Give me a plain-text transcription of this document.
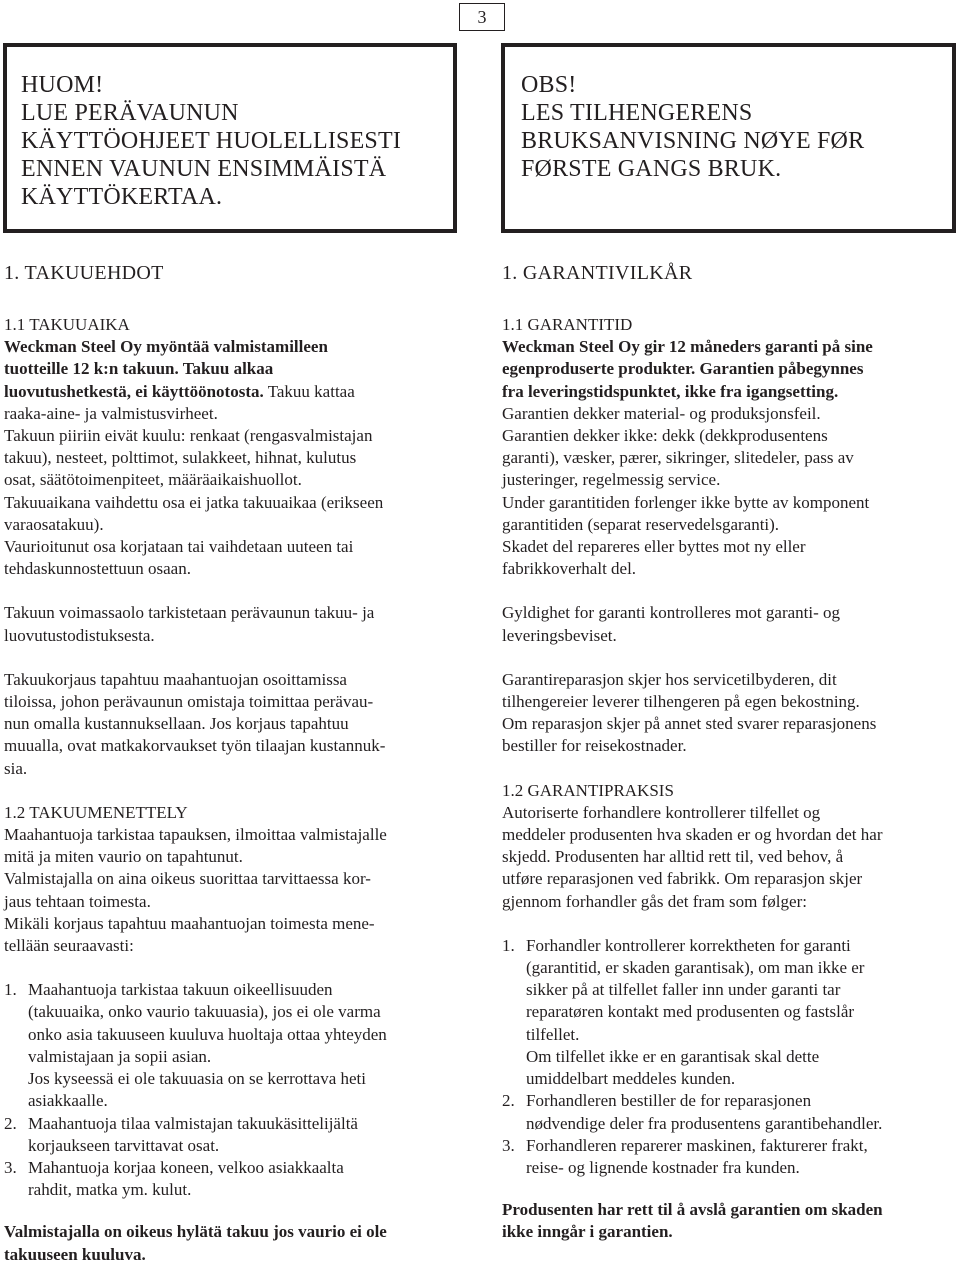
3
HUOM!
LUE PERÄVAUNUN
KÄYTTÖOHJEET HUOLELLISESTI
ENNEN VAUNUN ENSIMMÄISTÄ
KÄYTTÖKERTAA.
OBS!
LES TILHENGERENS
BRUKSANVISNING NØYE FØR
FØRSTE GANGS BRUK.
1. TAKUUEHDOT
1.1 TAKUUAIKA
Weckman Steel Oy myöntää valmistamilleen
tuotteille 12 k:n takuun. Takuu alkaa
luovutushetkestä, ei käyttöönotosta. Takuu kattaa
raaka-aine- ja valmistusvirheet.
Takuun piiriin eivät kuulu: renkaat (rengasvalmistajan
takuu), nesteet, polttimot, sulakkeet, hihnat, kulutus
osat, säätötoimenpiteet, määräaikaishuollot.
Takuuaikana vaihdettu osa ei jatka takuuaikaa (erikseen
varaosatakuu).
Vaurioitunut osa korjataan tai vaihdetaan uuteen tai
tehdaskunnostettuun osaan.
Takuun voimassaolo tarkistetaan perävaunun takuu- ja
luovutustodistuksesta.
Takuukorjaus tapahtuu maahantuojan osoittamissa
tiloissa, johon perävaunun omistaja toimittaa perävau-
nun omalla kustannuksellaan. Jos korjaus tapahtuu
muualla, ovat matkakorvaukset työn tilaajan kustannuk-
sia.
1.2 TAKUUMENETTELY
Maahantuoja tarkistaa tapauksen, ilmoittaa valmistajalle
mitä ja miten vaurio on tapahtunut.
Valmistajalla on aina oikeus suorittaa tarvittaessa kor-
jaus tehtaan toimesta.
Mikäli korjaus tapahtuu maahantuojan toimesta mene-
tellään seuraavasti:
1. Maahantuoja tarkistaa takuun oikeellisuuden
(takuuaika, onko vaurio takuuasia), jos ei ole varma
onko asia takuuseen kuuluva huoltaja ottaa yhteyden
valmistajaan ja sopii asian.
Jos kyseessä ei ole takuuasia on se kerrottava heti
asiakkaalle.
2. Maahantuoja tilaa valmistajan takuukäsittelijältä
korjaukseen tarvittavat osat.
3. Mahantuoja korjaa koneen, velkoo asiakkaalta
rahdit, matka ym. kulut.
Valmistajalla on oikeus hylätä takuu jos vaurio ei ole
takuuseen kuuluva.
1. GARANTIVILKÅR
1.1 GARANTITID
Weckman Steel Oy gir 12 måneders garanti på sine
egenproduserte produkter. Garantien påbegynnes
fra leveringstidspunktet, ikke fra igangsetting.
Garantien dekker material- og produksjonsfeil.
Garantien dekker ikke: dekk (dekkprodusentens
garanti), væsker, pærer, sikringer, slitedeler, pass av
justeringer, regelmessig service.
Under garantitiden forlenger ikke bytte av komponent
garantitiden (separat reservedelsgaranti).
Skadet del repareres eller byttes mot ny eller
fabrikkoverhalt del.
Gyldighet for garanti kontrolleres mot garanti- og
leveringsbeviset.
Garantireparasjon skjer hos servicetilbyderen, dit
tilhengereier leverer tilhengeren på egen bekostning.
Om reparasjon skjer på annet sted svarer reparasjonens
bestiller for reisekostnader.
1.2 GARANTIPRAKSIS
Autoriserte forhandlere kontrollerer tilfellet og
meddeler produsenten hva skaden er og hvordan det har
skjedd. Produsenten har alltid rett til, ved behov, å
utføre reparasjonen ved fabrikk. Om reparasjon skjer
gjennom forhandler gås det fram som følger:
1. Forhandler kontrollerer korrektheten for garanti
(garantitid, er skaden garantisak), om man ikke er
sikker på at tilfellet faller inn under garanti tar
reparatøren kontakt med produsenten og fastslår
tilfellet.
Om tilfellet ikke er en garantisak skal dette
umiddelbart meddeles kunden.
2. Forhandleren bestiller de for reparasjonen
nødvendige deler fra produsentens garantibehandler.
3. Forhandleren reparerer maskinen, fakturerer frakt,
reise- og lignende kostnader fra kunden.
Produsenten har rett til å avslå garantien om skaden
ikke inngår i garantien.
